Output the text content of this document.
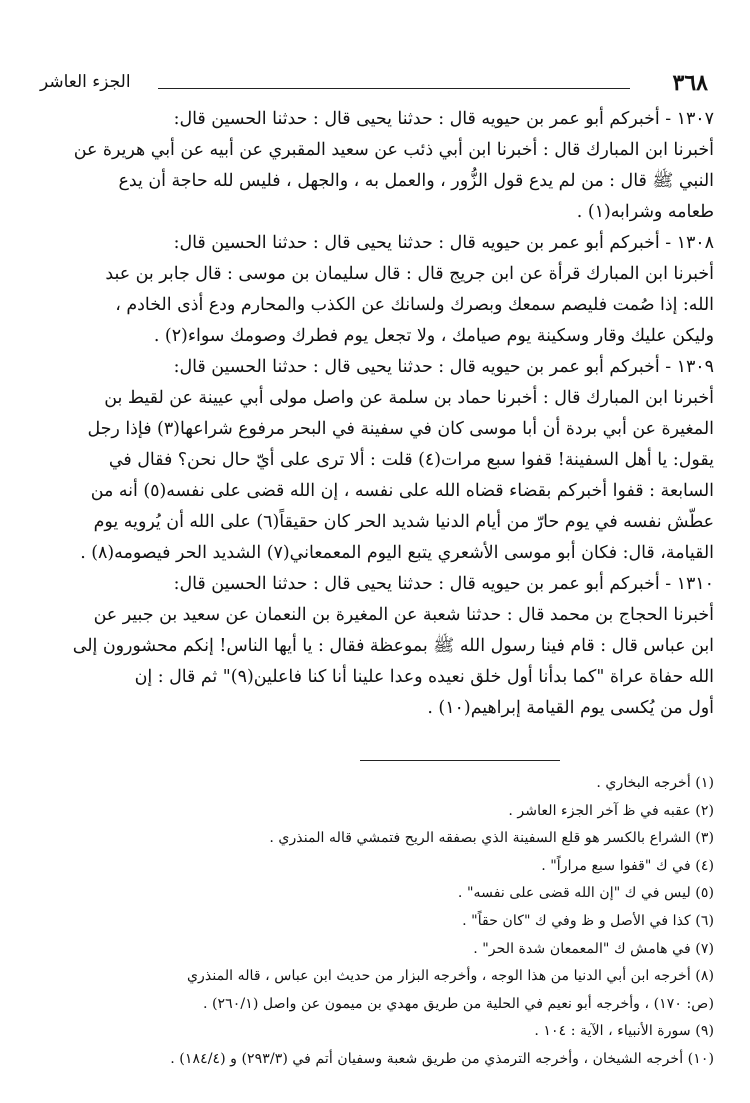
٣٦٨
الجزء العاشر

١٣٠٧ - أخبركم أبو عمر بن حيويه قال : حدثنا يحيى قال : حدثنا الحسين قال:

أخبرنا ابن المبارك قال : أخبرنا ابن أبي ذئب عن سعيد المقبري عن أبيه عن أبي هريرة عن

النبي ﷺ قال : من لم يدع قول الزُّور ، والعمل به ، والجهل ، فليس لله حاجة أن يدع

طعامه وشرابه(١) .

١٣٠٨ - أخبركم أبو عمر بن حيويه قال : حدثنا يحيى قال : حدثنا الحسين قال:

أخبرنا ابن المبارك قرأة عن ابن جريج قال : قال سليمان بن موسى : قال جابر بن عبد

الله: إذا صُمت فليصم سمعك وبصرك ولسانك عن الكذب والمحارم ودع أذى الخادم ،

وليكن عليك وقار وسكينة يوم صيامك ، ولا تجعل يوم فطرك وصومك سواء(٢) .

١٣٠٩ - أخبركم أبو عمر بن حيويه قال : حدثنا يحيى قال : حدثنا الحسين قال:

أخبرنا ابن المبارك قال : أخبرنا حماد بن سلمة عن واصل مولى أبي عيينة عن لقيط بن

المغيرة عن أبي بردة أن أبا موسى كان في سفينة في البحر مرفوع شراعها(٣) فإذا رجل

يقول: يا أهل السفينة! قفوا سبع مرات(٤) قلت : ألا ترى على أيّ حال نحن؟ فقال في

السابعة : قفوا أخبركم بقضاء قضاه الله على نفسه ، إن الله قضى على نفسه(٥) أنه من

عطّش نفسه في يوم حارّ من أيام الدنيا شديد الحر كان حقيقاً(٦) على الله أن يُرويه يوم

القيامة، قال: فكان أبو موسى الأشعري يتبع اليوم المعمعاني(٧) الشديد الحر فيصومه(٨) .

١٣١٠ - أخبركم أبو عمر بن حيويه قال : حدثنا يحيى قال : حدثنا الحسين قال:

أخبرنا الحجاج بن محمد قال : حدثنا شعبة عن المغيرة بن النعمان عن سعيد بن جبير عن

ابن عباس قال : قام فينا رسول الله ﷺ بموعظة فقال : يا أيها الناس! إنكم محشورون إلى

الله حفاة عراة "كما بدأنا أول خلق نعيده وعدا علينا أنا كنا فاعلين(٩)" ثم قال : إن

أول من يُكسى يوم القيامة إبراهيم(١٠) .

(١) أخرجه البخاري .

(٢) عقبه في ظ آخر الجزء العاشر .

(٣) الشراع بالكسر هو قلع السفينة الذي بصفقه الريح فتمشي قاله المنذري .

(٤) في ك "قفوا سبع مراراً" .

(٥) ليس في ك "إن الله قضى على نفسه" .

(٦) كذا في الأصل و ظ وفي ك "كان حقاً" .

(٧) في هامش ك "المعمعان شدة الحر" .

(٨) أخرجه ابن أبي الدنيا من هذا الوجه ، وأخرجه البزار من حديث ابن عباس ، قاله المنذري

(ص: ١٧٠) ، وأخرجه أبو نعيم في الحلية من طريق مهدي بن ميمون عن واصل (٢٦٠/١) .

(٩) سورة الأنبياء ، الآية : ١٠٤ .

(١٠) أخرجه الشيخان ، وأخرجه الترمذي من طريق شعبة وسفيان أتم في (٢٩٣/٣) و (١٨٤/٤) .
